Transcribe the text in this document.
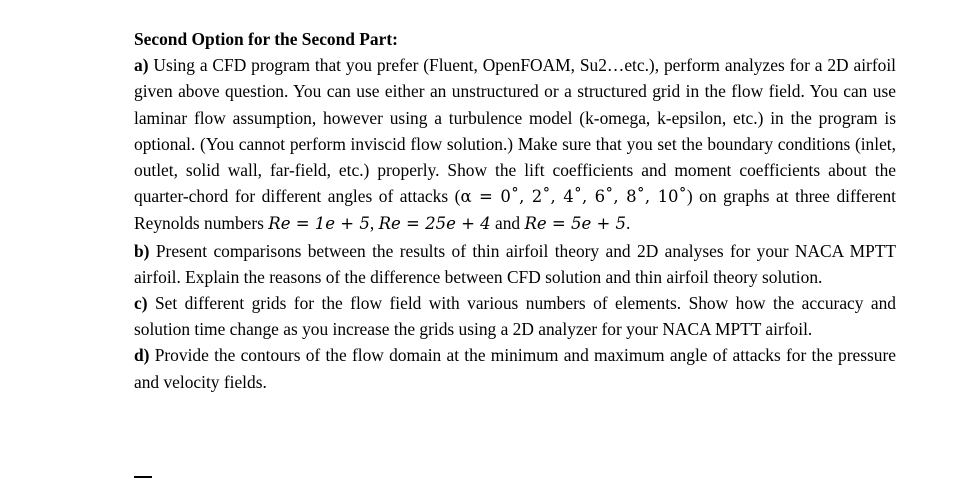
Second Option for the Second Part:

a) Using a CFD program that you prefer (Fluent, OpenFOAM, Su2…etc.), perform analyzes for a 2D airfoil given above question. You can use either an unstructured or a structured grid in the flow field. You can use laminar flow assumption, however using a turbulence model (k-omega, k-epsilon, etc.) in the program is optional. (You cannot perform inviscid flow solution.) Make sure that you set the boundary conditions (inlet, outlet, solid wall, far-field, etc.) properly. Show the lift coefficients and moment coefficients about the quarter-chord for different angles of attacks (α = 0˚, 2˚, 4˚, 6˚, 8˚, 10˚) on graphs at three different Reynolds numbers Re = 1e + 5, Re = 25e + 4 and Re = 5e + 5.

b) Present comparisons between the results of thin airfoil theory and 2D analyses for your NACA MPTT airfoil. Explain the reasons of the difference between CFD solution and thin airfoil theory solution.

c) Set different grids for the flow field with various numbers of elements. Show how the accuracy and solution time change as you increase the grids using a 2D analyzer for your NACA MPTT airfoil.

d) Provide the contours of the flow domain at the minimum and maximum angle of attacks for the pressure and velocity fields.
